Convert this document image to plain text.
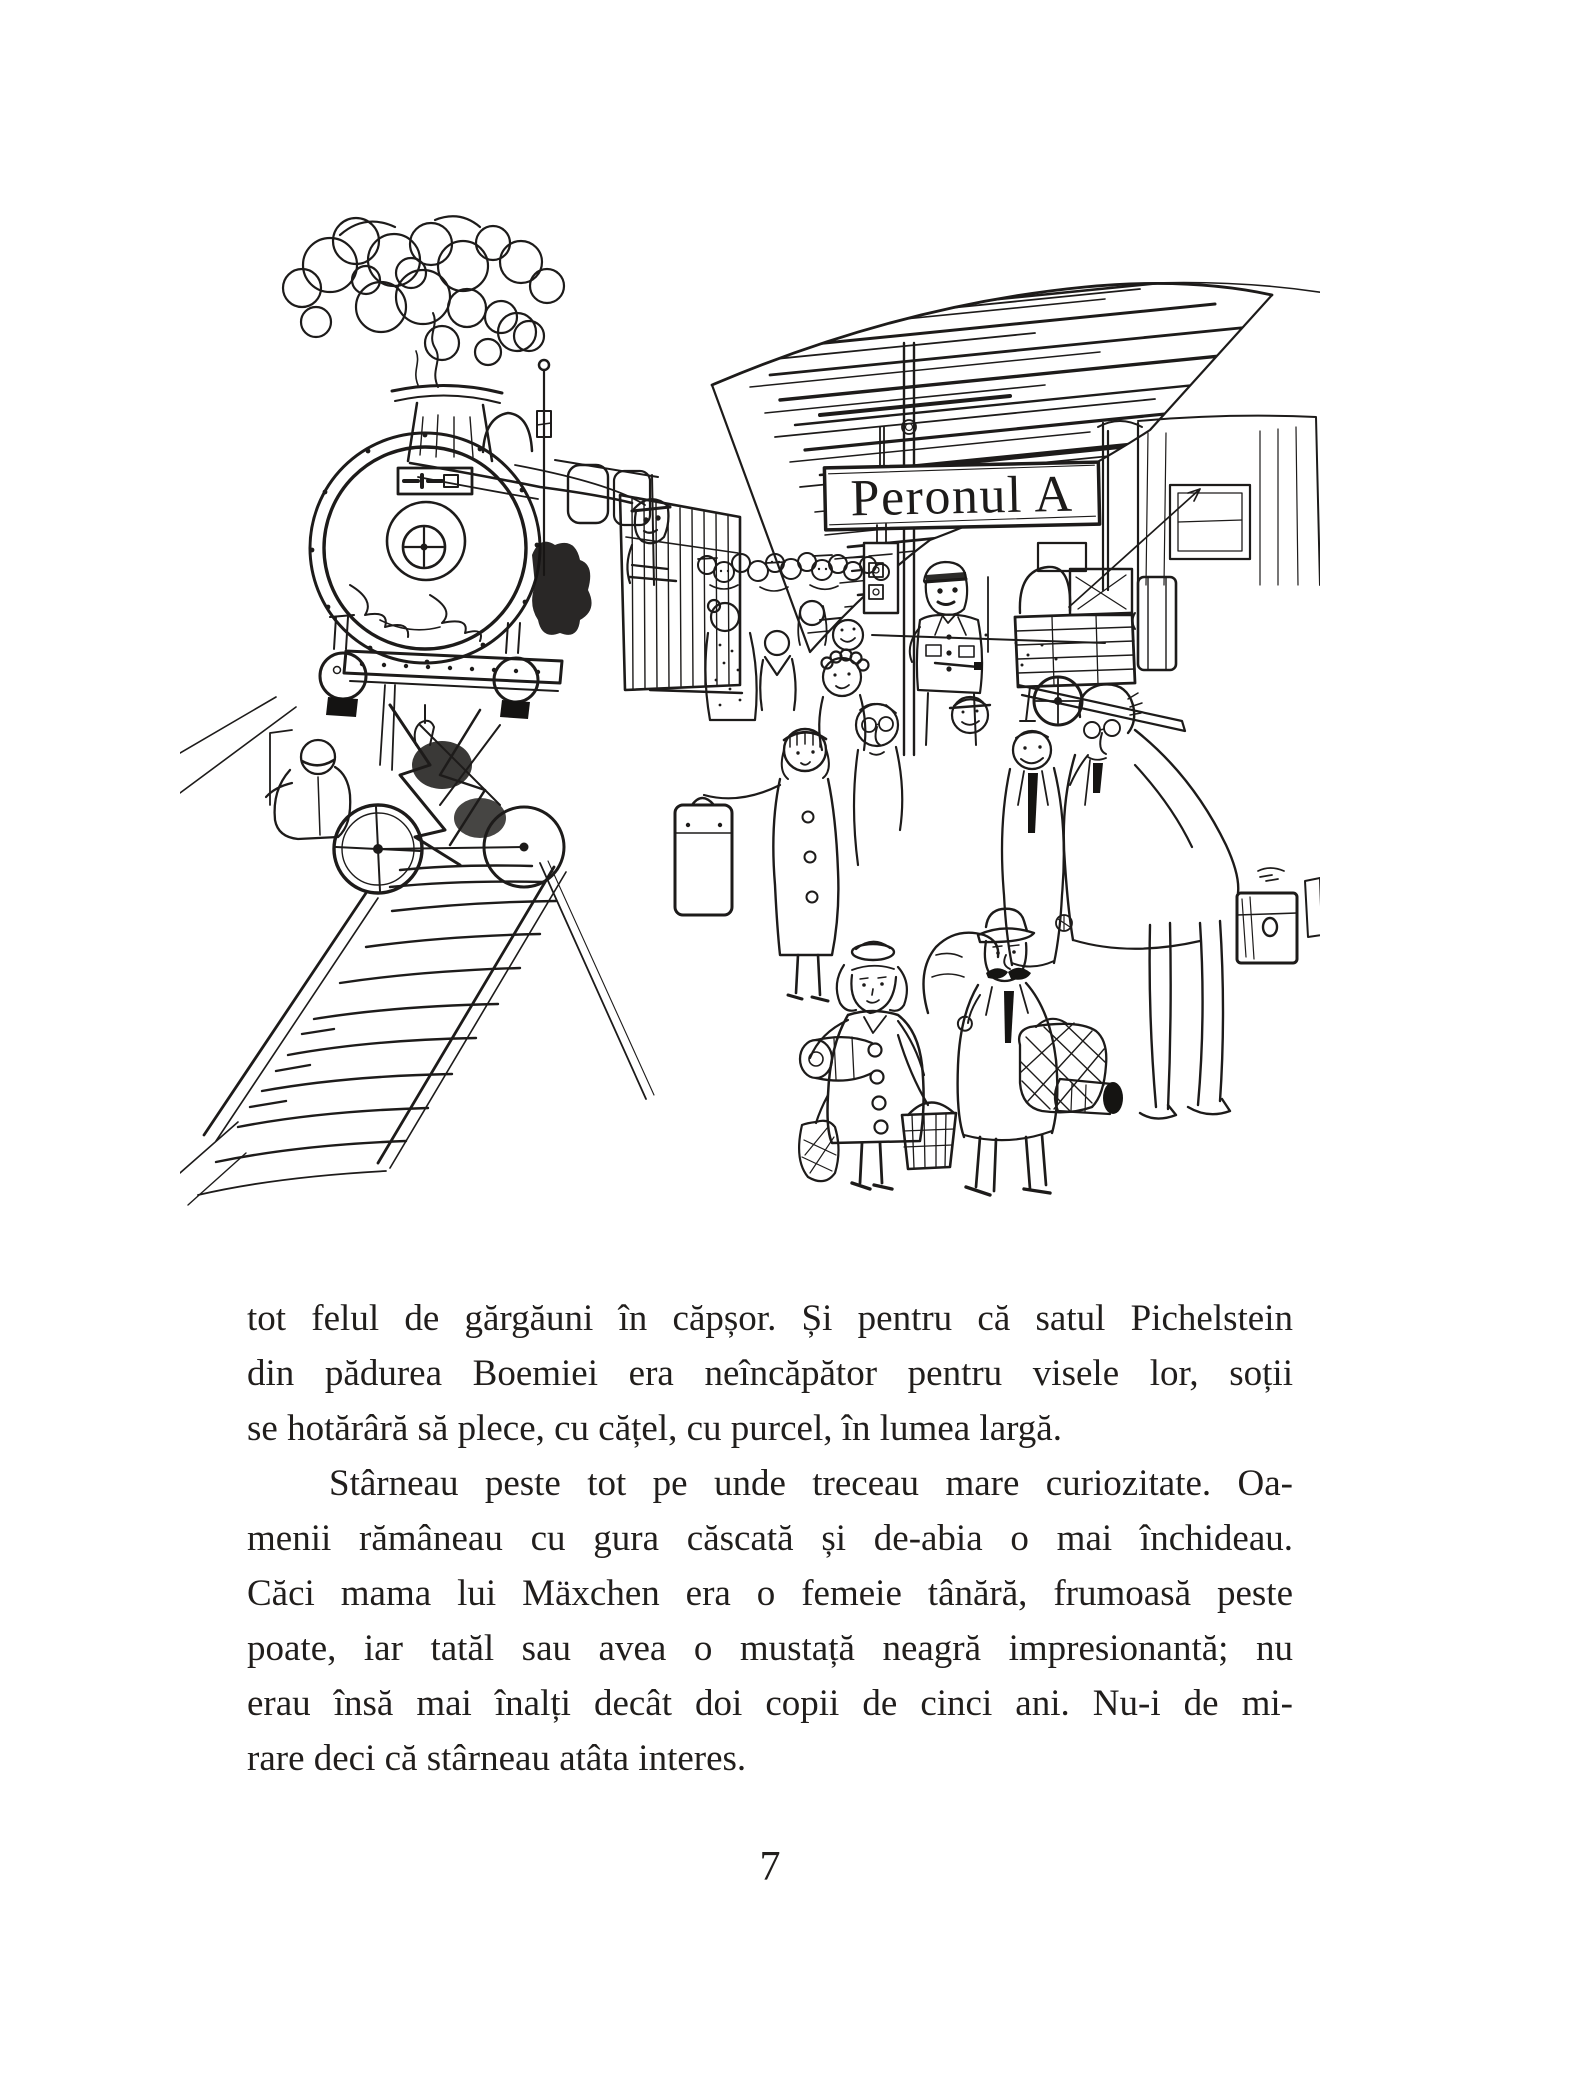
Peronul A

tot felul de gărgăuni în căpșor. Și pentru că satul Pichelstein

din pădurea Boemiei era neîncăpător pentru visele lor, soții

se hotărâră să plece, cu cățel, cu purcel, în lumea largă.

Stârneau peste tot pe unde treceau mare curiozitate. Oa-

menii rămâneau cu gura căscată și de-abia o mai închideau.

Căci mama lui Mäxchen era o femeie tânără, frumoasă peste

poate, iar tatăl sau avea o mustață neagră impresionantă; nu

erau însă mai înalți decât doi copii de cinci ani. Nu-i de mi-

rare deci că stârneau atâta interes.

7
